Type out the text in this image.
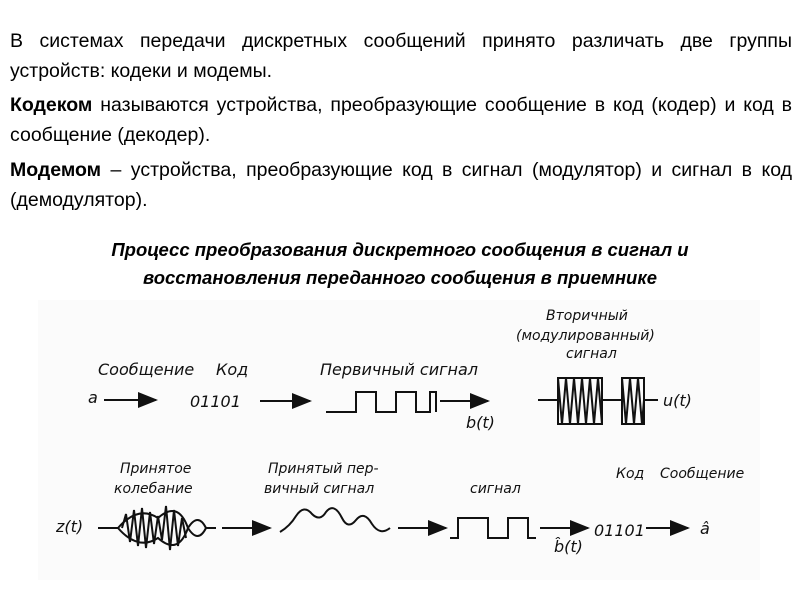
В системах передачи дискретных сообщений принято различать две группы устройств: кодеки и модемы.
Кодеком называются устройства, преобразующие сообщение в код (кодер) и код в сообщение (декодер).
Модемом – устройства, преобразующие код в сигнал (модулятор) и сигнал в код (демодулятор).
Процесс преобразования дискретного сообщения в сигнал и
восстановления переданного сообщения в приемнике
Сообщение
a
Код
01101
Первичный сигнал
b(t)
Вторичный
(модулированный)
сигнал
u(t)
Принятое
колебание
z(t)
Принятый пер-
вичный сигнал	сигнал
b̂(t)
Код
01101
Сообщение
â
